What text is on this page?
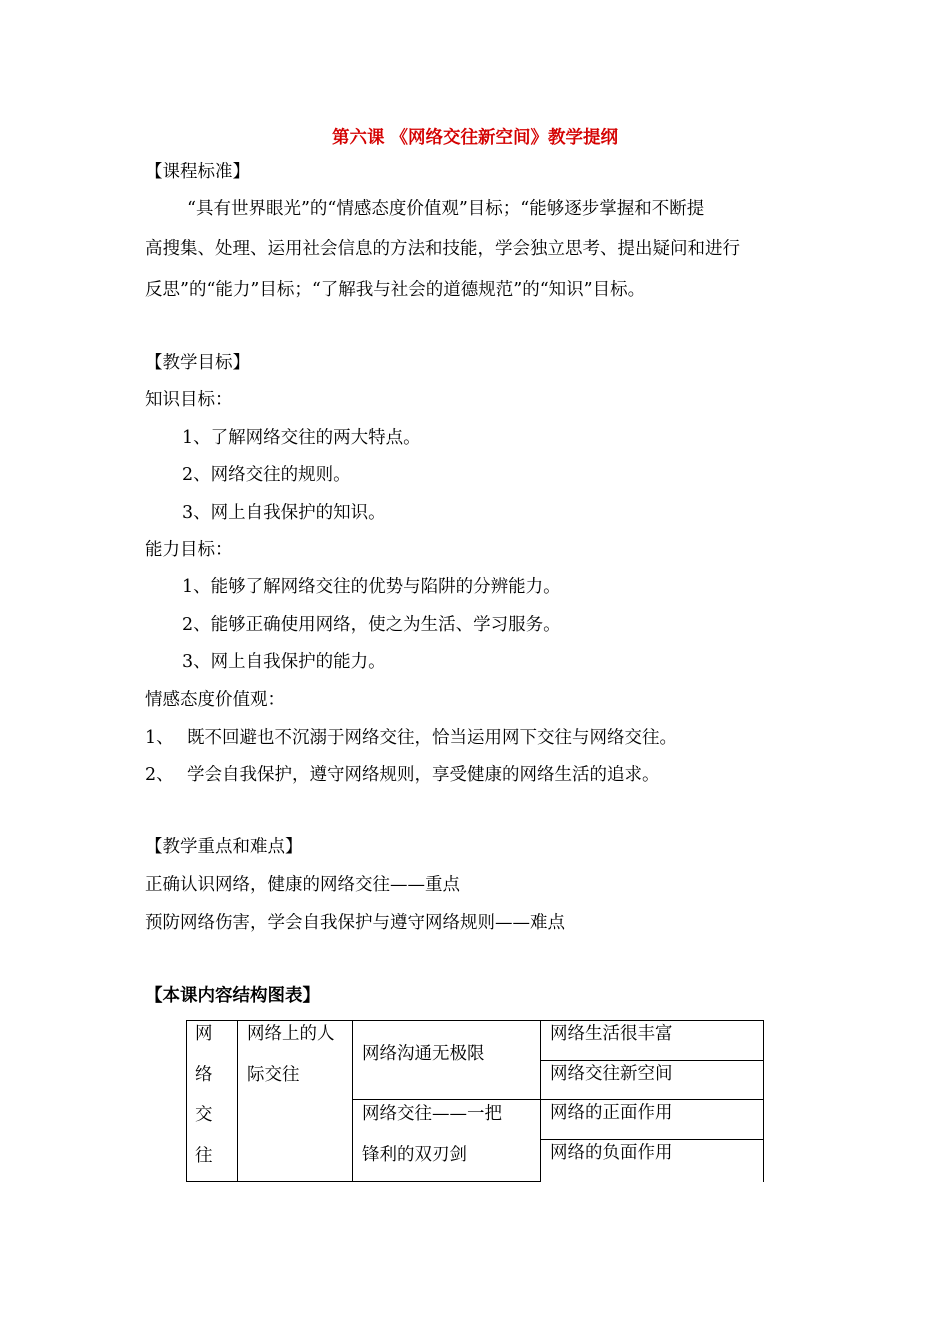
第六课 《网络交往新空间》教学提纲
【课程标准】
“具有世界眼光”的“情感态度价值观”目标；“能够逐步掌握和不断提
高搜集、处理、运用社会信息的方法和技能，学会独立思考、提出疑问和进行
反思”的“能力”目标；“了解我与社会的道德规范”的“知识”目标。
【教学目标】
知识目标：
1、了解网络交往的两大特点。
2、网络交往的规则。
3、网上自我保护的知识。
能力目标：
1、能够了解网络交往的优势与陷阱的分辨能力。
2、能够正确使用网络，使之为生活、学习服务。
3、网上自我保护的能力。
情感态度价值观：
1、 既不回避也不沉溺于网络交往，恰当运用网下交往与网络交往。
2、 学会自我保护，遵守网络规则，享受健康的网络生活的追求。
【教学重点和难点】
正确认识网络，健康的网络交往——重点
预防网络伤害，学会自我保护与遵守网络规则——难点
【本课内容结构图表】
网
络
交
往
网络上的人
际交往
网络沟通无极限
网络交往——一把
锋利的双刃剑
网络生活很丰富
网络交往新空间
网络的正面作用
网络的负面作用
